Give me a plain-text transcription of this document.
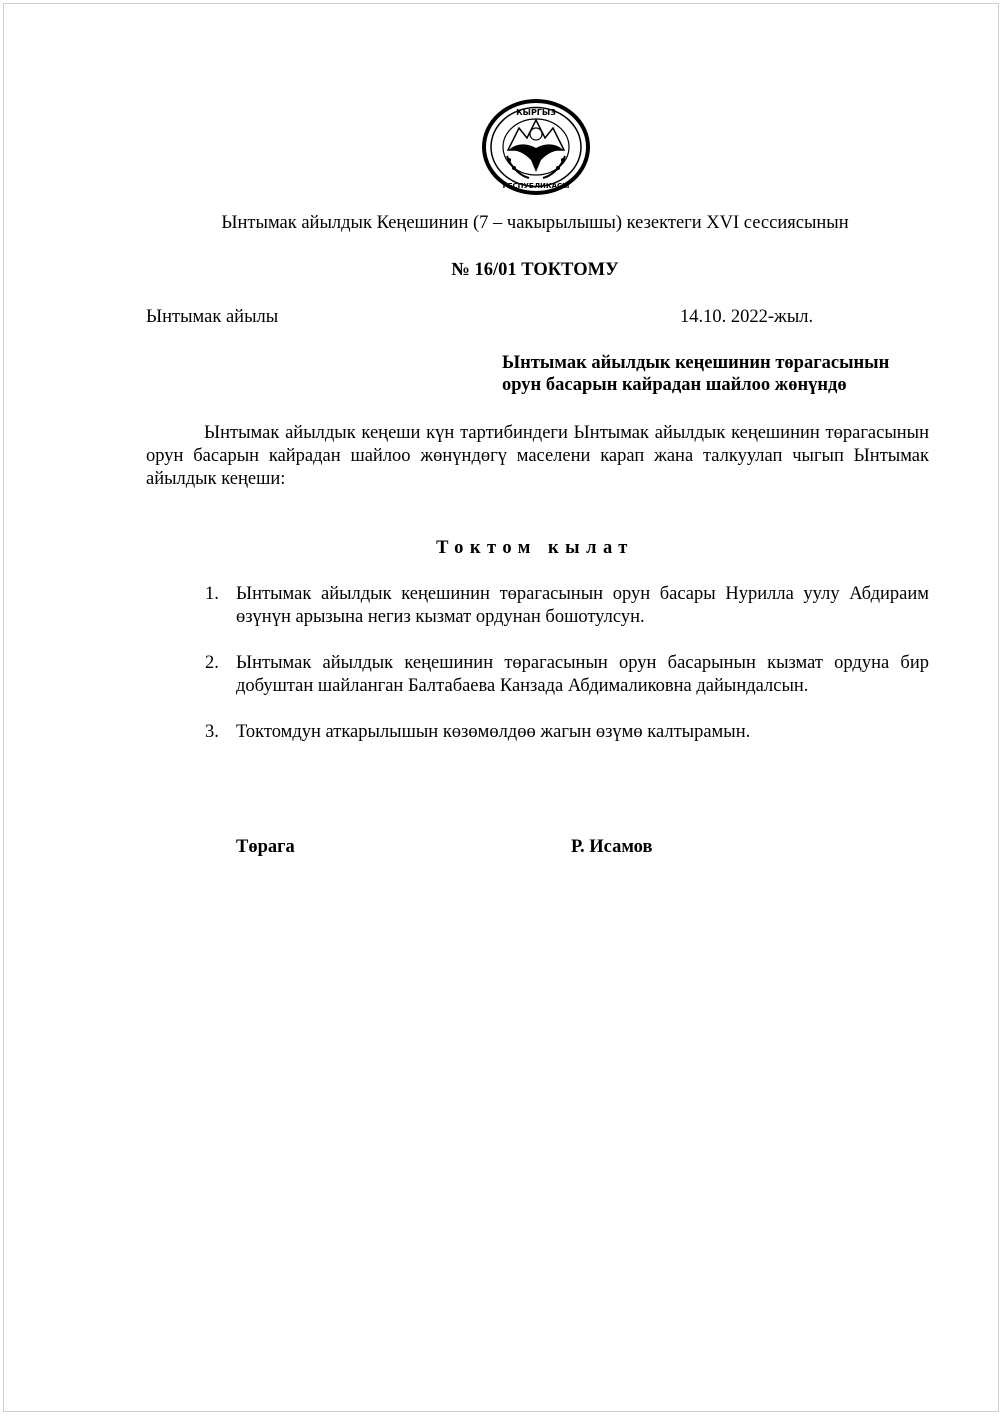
КЫРГЫЗ
РЕСПУБЛИКАСЫ
Ынтымак айылдык Кеңешинин (7 – чакырылышы) кезектеги XVI сессиясынын
№ 16/01 ТОКТОМУ
Ынтымак айылы	14.10. 2022-жыл.
Ынтымак айылдык кеңешинин төрагасынын
орун басарын кайрадан шайлоо жөнүндө

Ынтымак айылдык кеңеши күн тартибиндеги Ынтымак айылдык кеңешинин төрагасынын орун басарын кайрадан шайлоо жөнүндөгү маселени карап жана талкуулап чыгып Ынтымак айылдык кеңеши:

Токтом кылат
1. Ынтымак айылдык кеңешинин төрагасынын орун басары Нурилла уулу Абдираим өзүнүн арызына негиз кызмат ордунан бошотулсун.
2. Ынтымак айылдык кеңешинин төрагасынын орун басарынын кызмат ордуна бир добуштан шайланган Балтабаева Канзада Абдималиковна дайындалсын.
3. Токтомдун аткарылышын көзөмөлдөө жагын өзүмө калтырамын.
Төрага	Р. Исамов
